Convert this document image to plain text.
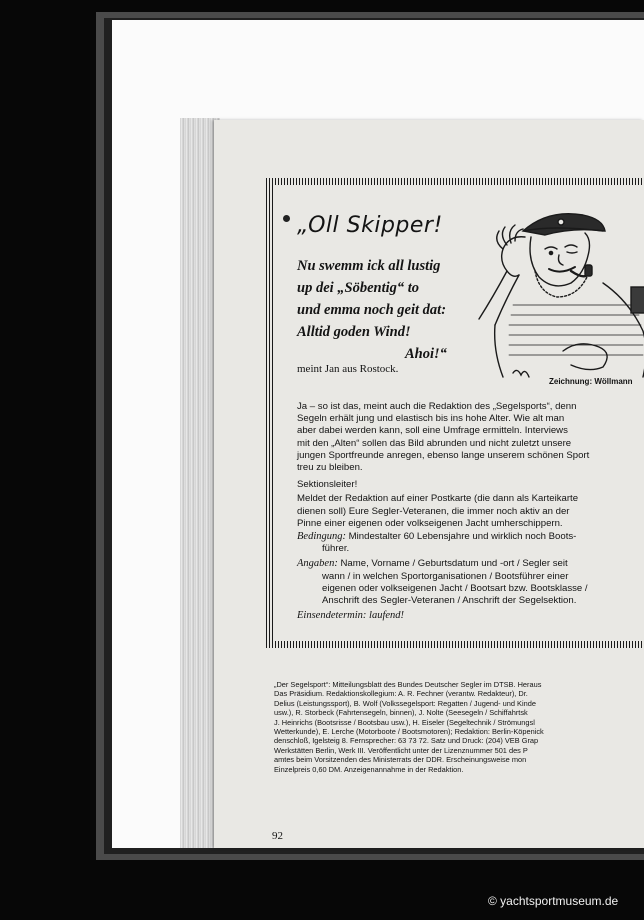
„Oll Skipper!
Nu swemm ick all lustig
up dei „Söbentig“ to
und emma noch geit dat:
Alltid goden Wind!
Ahoi!“
meint Jan aus Rostock.
Zeichnung: Wöllmann

Ja – so ist das, meint auch die Redaktion des „Segelsports“, denn
Segeln erhält jung und elastisch bis ins hohe Alter. Wie alt man
aber dabei werden kann, soll eine Umfrage ermitteln. Interviews
mit den „Alten“ sollen das Bild abrunden und nicht zuletzt unsere
jungen Sportfreunde anregen, ebenso lange unserem schönen Sport
treu zu bleiben.

Sektionsleiter!

Meldet der Redaktion auf einer Postkarte (die dann als Karteikarte
dienen soll) Eure Segler-Veteranen, die immer noch aktiv an der
Pinne einer eigenen oder volkseigenen Jacht umherschippern.

Bedingung: Mindestalter 60 Lebensjahre und wirklich noch Boots-
führer.
Angaben: Name, Vorname / Geburtsdatum und -ort / Segler seit
wann / in welchen Sportorganisationen / Bootsführer einer
eigenen oder volkseigenen Jacht / Bootsart bzw. Bootsklasse /
Anschrift des Segler-Veteranen / Anschrift der Segelsektion.
Einsendetermin: laufend!
„Der Segelsport“: Mitteilungsblatt des Bundes Deutscher Segler im DTSB. Heraus
Das Präsidium. Redaktionskollegium: A. R. Fechner (verantw. Redakteur), Dr.
Delius (Leistungssport), B. Wolf (Volkssegelsport: Regatten / Jugend- und Kinde
usw.), R. Storbeck (Fahrtensegeln, binnen), J. Nolte (Seesegeln / Schiffahrtsk
J. Heinrichs (Bootsrisse / Bootsbau usw.), H. Eiseler (Segeltechnik / Strömungsl
Wetterkunde), E. Lerche (Motorboote / Bootsmotoren); Redaktion: Berlin-Köpenick
denschloß, Igelsteig 8. Fernsprecher: 63 73 72. Satz und Druck: (204) VEB Grap
Werkstätten Berlin, Werk III. Veröffentlicht unter der Lizenznummer 501 des P
amtes beim Vorsitzenden des Ministerrats der DDR. Erscheinungsweise mon
Einzelpreis 0,60 DM. Anzeigenannahme in der Redaktion.
92
© yachtsportmuseum.de
